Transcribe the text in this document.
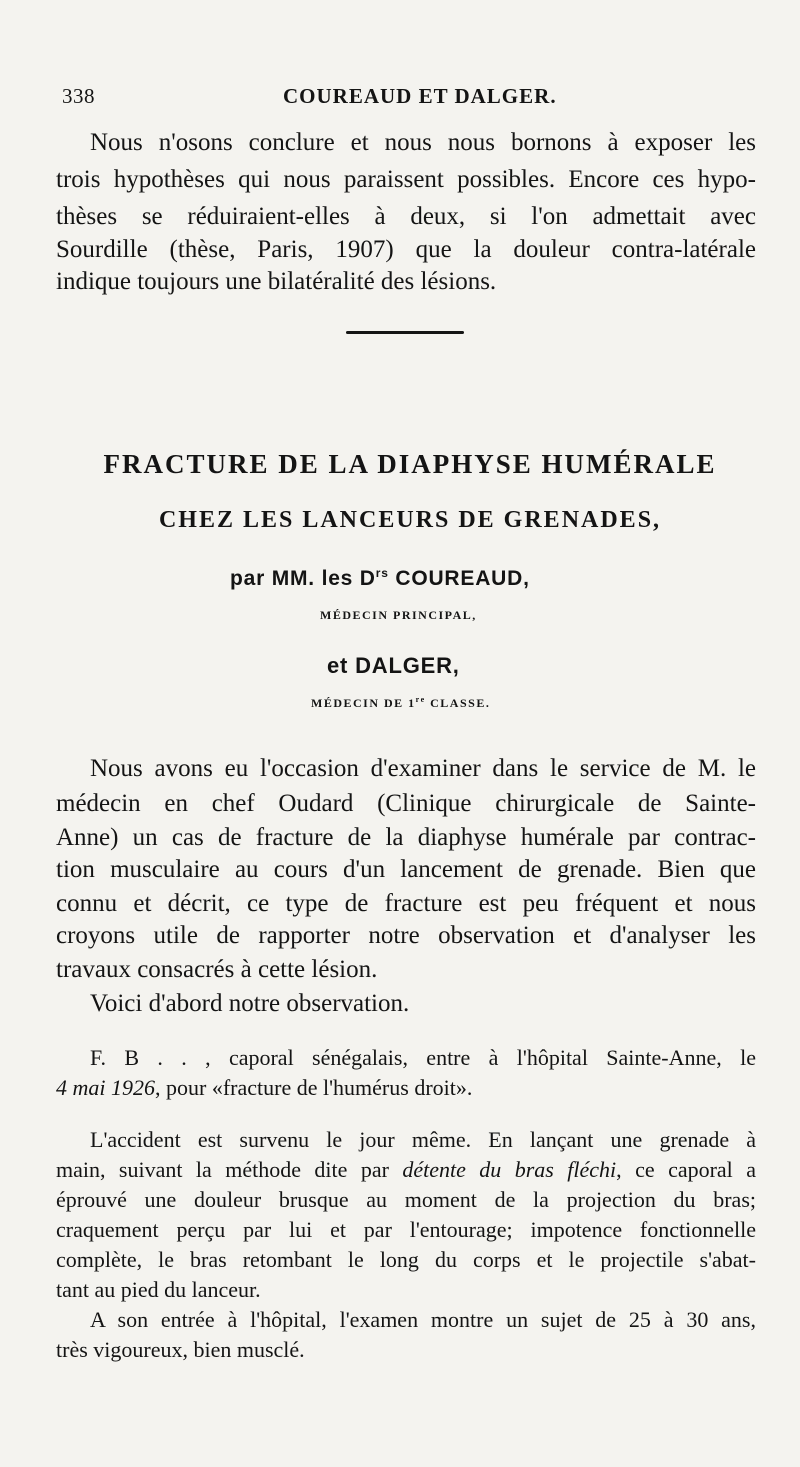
338	COUREAUD ET DALGER.
Nous n'osons conclure et nous nous bornons à exposer les
trois hypothèses qui nous paraissent possibles. Encore ces hypo-
thèses se réduiraient-elles à deux, si l'on admettait avec
Sourdille (thèse, Paris, 1907) que la douleur contra-latérale
indique toujours une bilatéralité des lésions.
FRACTURE DE LA DIAPHYSE HUMÉRALE
CHEZ LES LANCEURS DE GRENADES,
par MM. les $D^{rs}$ COUREAUD,
MÉDECIN PRINCIPAL,
et DALGER,
MÉDECIN DE 1re CLASSE.
Nous avons eu l'occasion d'examiner dans le service de M. le
médecin en chef Oudard (Clinique chirurgicale de Sainte-
Anne) un cas de fracture de la diaphyse humérale par contrac-
tion musculaire au cours d'un lancement de grenade. Bien que
connu et décrit, ce type de fracture est peu fréquent et nous
croyons utile de rapporter notre observation et d'analyser les
travaux consacrés à cette lésion.
Voici d'abord notre observation.
F. B . . , caporal sénégalais, entre à l'hôpital Sainte-Anne, le
4 mai 1926, pour «fracture de l'humérus droit».
L'accident est survenu le jour même. En lançant une grenade à
main, suivant la méthode dite par détente du bras fléchi, ce caporal a
éprouvé une douleur brusque au moment de la projection du bras;
craquement perçu par lui et par l'entourage; impotence fonctionnelle
complète, le bras retombant le long du corps et le projectile s'abat-
tant au pied du lanceur.
A son entrée à l'hôpital, l'examen montre un sujet de 25 à 30 ans,
très vigoureux, bien musclé.
